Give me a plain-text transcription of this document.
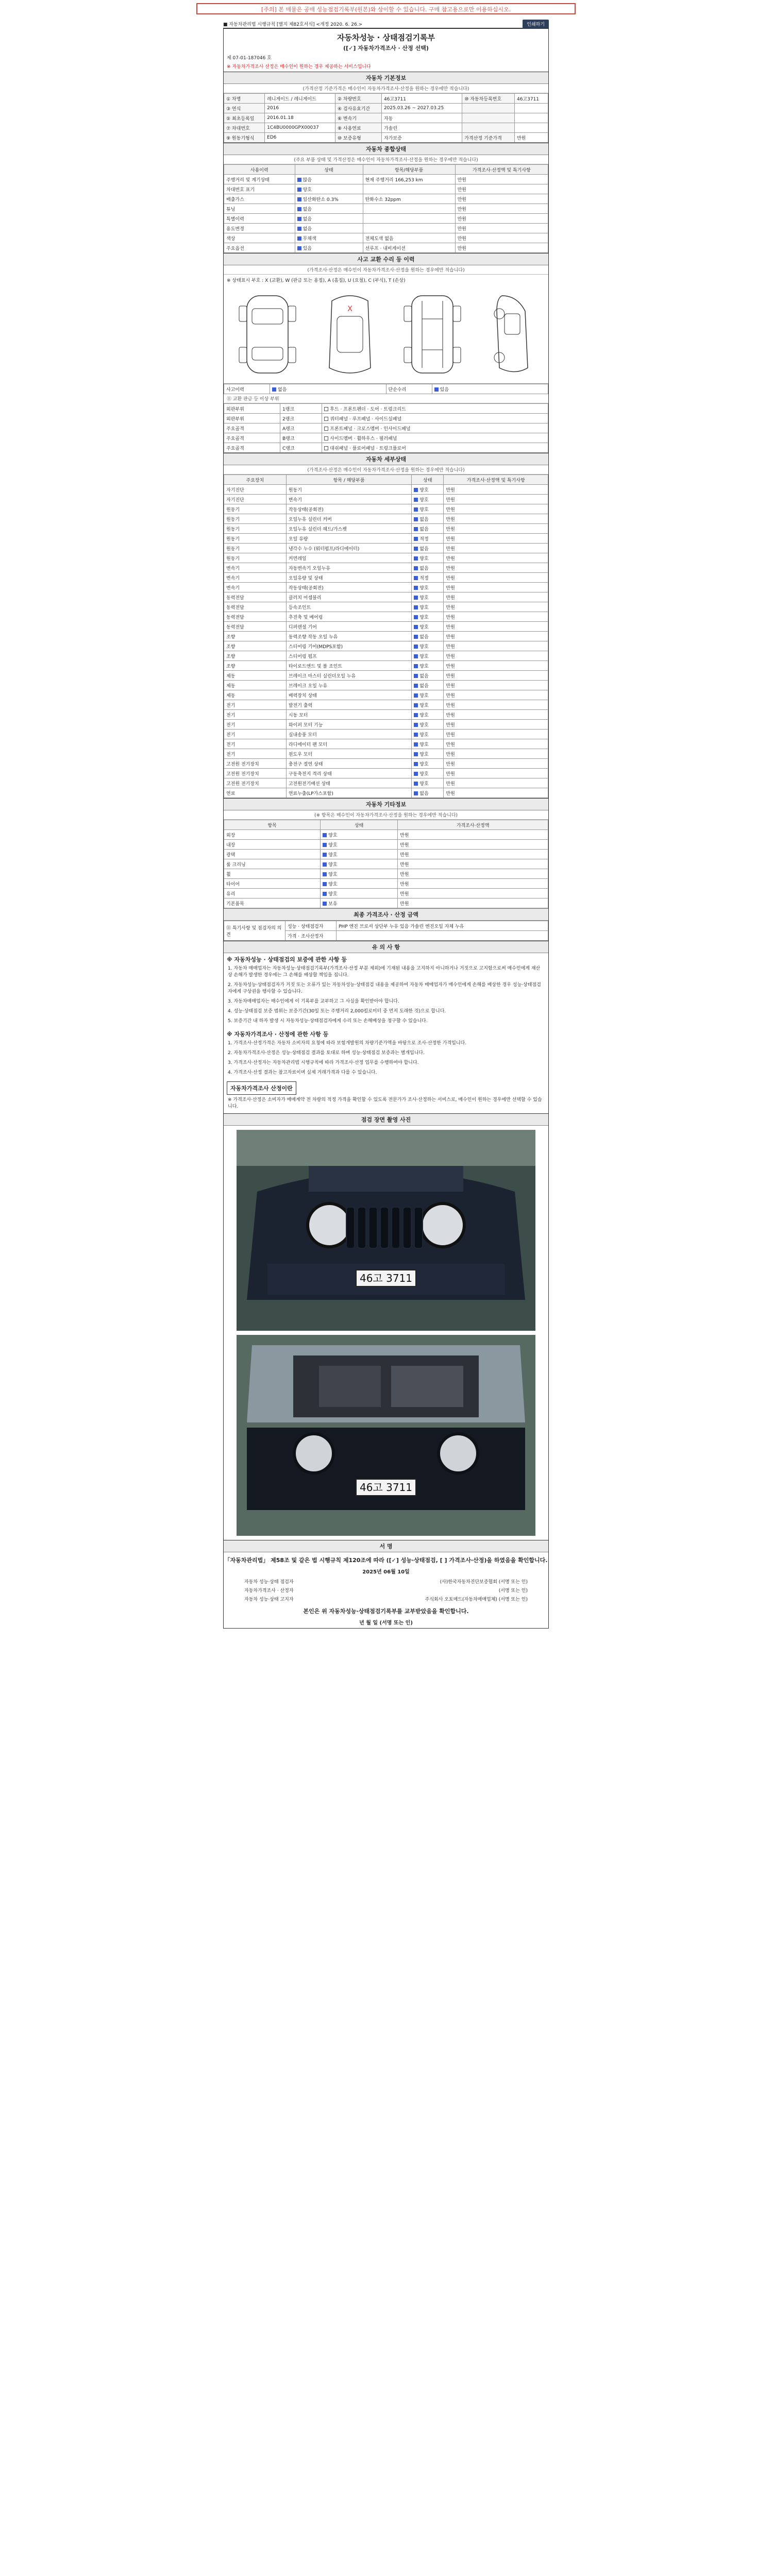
[주의] 본 매물은 공매 성능점검기록부(원본)와 상이할 수 있습니다. 구매 참고용으로만 이용하십시오.
■ 자동차관리법 시행규칙 [별지 제82호서식] <개정 2020. 6. 26.>	인쇄하기
자동차성능 · 상태점검기록부
([✓] 자동차가격조사 · 산정 선택)
제 07-01-187046 호
※ 자동차가격조사 산정은 매수인이 원하는 경우 제공하는 서비스입니다
자동차 기본정보
(가격산정 기준가격은 매수인이 자동차가격조사·산정을 원하는 경우에만 적습니다)
① 차명	레니게이드 / 레니게이드	② 차량번호	46고3711	⑩ 자동차등록번호	46고3711
③ 연식	2016	④ 검사유효기간	2025.03.26 ~ 2027.03.25		
⑤ 최초등록일	2016.01.18	⑥ 변속기	자동		
⑦ 차대번호	1C4BU0000GPX00037	⑧ 사용연료	가솔린		
⑨ 원동기형식	ED6	⑩ 보증유형	자가보증	가격산정 기준가격	만원
자동차 종합상태
(주요 부품 상태 및 가격산정은 매수인이 자동차가격조사·산정을 원하는 경우에만 적습니다)
사용이력	상태	항목/해당부품	가격조사·산정액 및 특기사항
주행거리 및 계기상태	많음	현재 주행거리 166,253 km	만원
차대번호 표기	양호		만원
배출가스	일산화탄소 0.3%	탄화수소 32ppm	만원
튜닝	없음		만원
특별이력	없음		만원
용도변경	없음		만원
색상	무채색	전체도색 없음	만원
주요옵션	있음	선루프 · 내비게이션	만원
사고 교환 수리 등 이력
(가격조사·산정은 매수인이 자동차가격조사·산정을 원하는 경우에만 적습니다)
※ 상태표시 부호 : X (교환), W (판금 또는 용접), A (흠집), U (요철), C (부식), T (손상)
X
사고이력	없음	단순수리	있음
⑪ 교환 판금 등 이상 부위
외판부위	1랭크	후드 · 프론트펜더 · 도어 · 트렁크리드
외판부위	2랭크	쿼터패널 · 루프패널 · 사이드실패널
주요골격	A랭크	프론트패널 · 크로스멤버 · 인사이드패널
주요골격	B랭크	사이드멤버 · 휠하우스 · 필러패널
주요골격	C랭크	대쉬패널 · 플로어패널 · 트렁크플로어
자동차 세부상태
(가격조사·산정은 매수인이 자동차가격조사·산정을 원하는 경우에만 적습니다)
주요장치	항목 / 해당부품	상태	가격조사·산정액 및 특기사항
자기진단	원동기	양호	만원
자기진단	변속기	양호	만원
원동기	작동상태(공회전)	양호	만원
원동기	오일누유 실린더 커버	없음	만원
원동기	오일누유 실린더 헤드/가스켓	없음	만원
원동기	오일 유량	적정	만원
원동기	냉각수 누수 (워터펌프/라디에이터)	없음	만원
원동기	커먼레일	양호	만원
변속기	자동변속기 오일누유	없음	만원
변속기	오일유량 및 상태	적정	만원
변속기	작동상태(공회전)	양호	만원
동력전달	클러치 어셈블리	양호	만원
동력전달	등속조인트	양호	만원
동력전달	추진축 및 베어링	양호	만원
동력전달	디퍼렌셜 기어	양호	만원
조향	동력조향 작동 오일 누유	없음	만원
조향	스티어링 기어(MDPS포함)	양호	만원
조향	스티어링 펌프	양호	만원
조향	타이로드엔드 및 볼 조인트	양호	만원
제동	브레이크 마스터 실린더오일 누유	없음	만원
제동	브레이크 오일 누유	없음	만원
제동	배력장치 상태	양호	만원
전기	발전기 출력	양호	만원
전기	시동 모터	양호	만원
전기	와이퍼 모터 기능	양호	만원
전기	실내송풍 모터	양호	만원
전기	라디에이터 팬 모터	양호	만원
전기	윈도우 모터	양호	만원
고전원 전기장치	충전구 절연 상태	양호	만원
고전원 전기장치	구동축전지 격리 상태	양호	만원
고전원 전기장치	고전원전기배선 상태	양호	만원
연료	연료누출(LP가스포함)	없음	만원
자동차 기타정보
(※ 항목은 매수인이 자동차가격조사·산정을 원하는 경우에만 적습니다)
항목	상태	가격조사·산정액
외장	양호	만원
내장	양호	만원
광택	양호	만원
룸 크리닝	양호	만원
휠	양호	만원
타이어	양호	만원
유리	양호	만원
기본품목	보유	만원
최종 가격조사 · 산정 금액
⑪ 특기사항 및 점검자의 의견	성능 · 상태점검자	PHP 엔진 브로셔 상단부 누유 있음 가솔린 엔진오일 자체 누유
	가격 · 조사산정자	
유 의 사 항
※ 자동차성능 · 상태점검의 보증에 관한 사항 등
1. 자동차 매매업자는 자동차성능·상태점검기록부(가격조사·산정 부분 제외)에 기재된 내용을 고지하지 아니하거나 거짓으로 고지함으로써 매수인에게 재산상 손해가 발생한 경우에는 그 손해를 배상할 책임을 집니다.
2. 자동차성능·상태점검자가 거짓 또는 오류가 있는 자동차성능·상태점검 내용을 제공하여 자동차 매매업자가 매수인에게 손해를 배상한 경우 성능·상태점검자에게 구상권을 행사할 수 있습니다.
3. 자동차매매업자는 매수인에게 이 기록부를 교부하고 그 사실을 확인받아야 합니다.
4. 성능·상태점검 보증 범위는 보증기간(30일 또는 주행거리 2,000킬로미터 중 먼저 도래한 것)으로 합니다.
5. 보증기간 내 하자 발생 시 자동차성능·상태점검자에게 수리 또는 손해배상을 청구할 수 있습니다.
※ 자동차가격조사 · 산정에 관한 사항 등
1. 가격조사·산정가격은 자동차 소비자의 요청에 따라 보험개발원의 차량기준가액을 바탕으로 조사·산정한 가격입니다.
2. 자동차가격조사·산정은 성능·상태점검 결과를 토대로 하며 성능·상태점검 보증과는 별개입니다.
3. 가격조사·산정자는 자동차관리법 시행규칙에 따라 가격조사·산정 업무를 수행하여야 합니다.
4. 가격조사·산정 결과는 참고자료이며 실제 거래가격과 다를 수 있습니다.
자동차가격조사 산정이란
※ 가격조사·산정은 소비자가 매매계약 전 차량의 적정 가격을 확인할 수 있도록 전문가가 조사·산정하는 서비스로, 매수인이 원하는 경우에만 선택할 수 있습니다.
점검 장면 촬영 사진
46고 3711
46고 3711
서 명
「자동차관리법」 제58조 및 같은 법 시행규칙 제120조에 따라 ([✓] 성능·상태점검, [ ] 가격조사·산정)을 하였음을 확인합니다.
2025년 06월 10일
자동차 성능·상태 점검자	(사)한국자동차진단보증협회 (서명 또는 인)
자동차가격조사 · 산정자	(서명 또는 인)
자동차 성능·상태 고지자	주식회사 오토매드(자동차매매업체) (서명 또는 인)
본인은 위 자동차성능·상태점검기록부를 교부받았음을 확인합니다.
년 월 일 (서명 또는 인)
